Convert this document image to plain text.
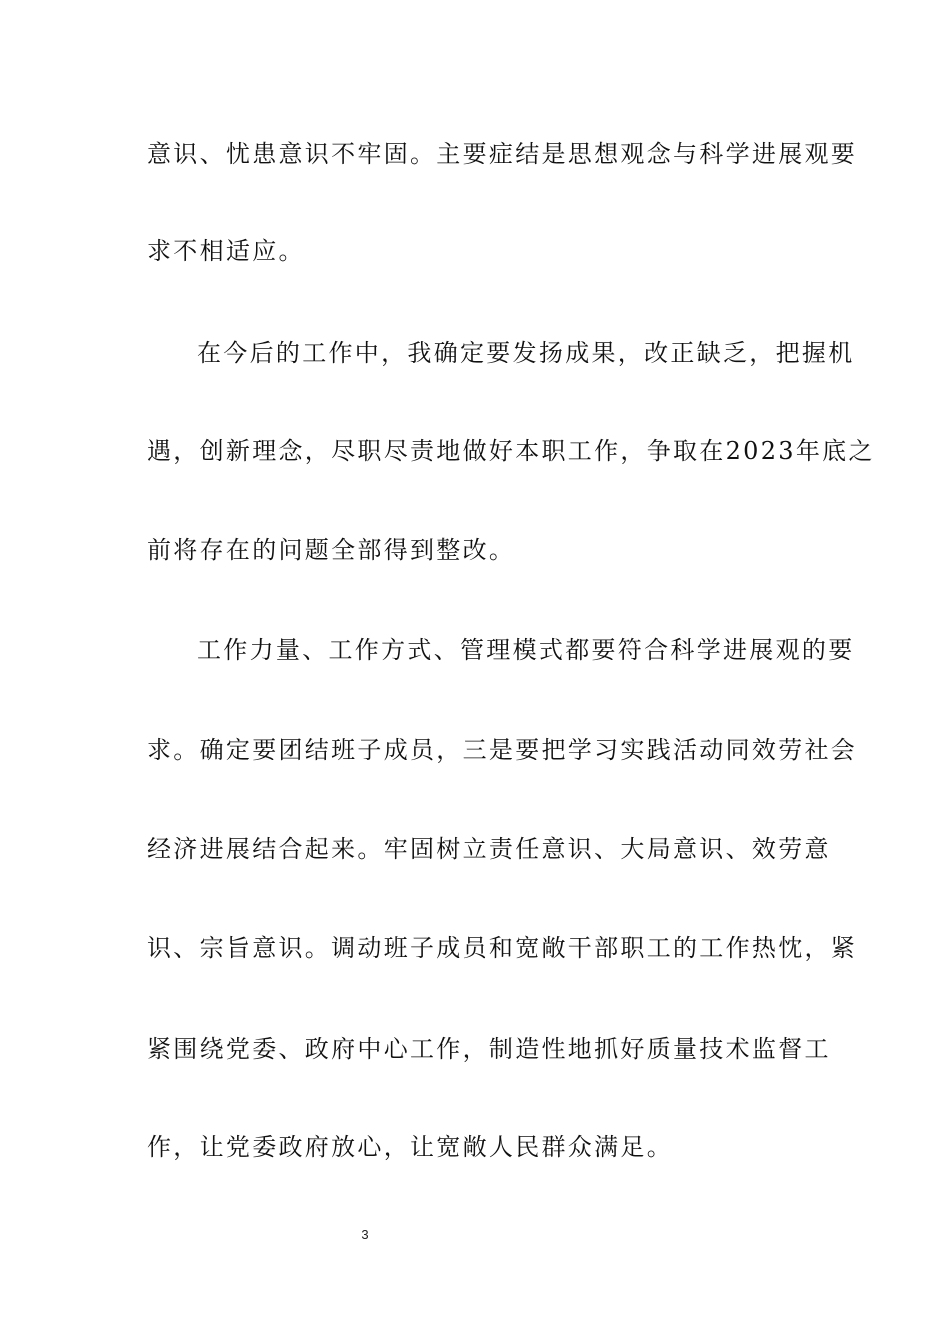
意识、忧患意识不牢固。主要症结是思想观念与科学进展观要
求不相适应。
在今后的工作中，我确定要发扬成果，改正缺乏，把握机
遇，创新理念，尽职尽责地做好本职工作，争取在2023年底之
前将存在的问题全部得到整改。
工作力量、工作方式、管理模式都要符合科学进展观的要
求。确定要团结班子成员，三是要把学习实践活动同效劳社会
经济进展结合起来。牢固树立责任意识、大局意识、效劳意
识、宗旨意识。调动班子成员和宽敞干部职工的工作热忱，紧
紧围绕党委、政府中心工作，制造性地抓好质量技术监督工
作，让党委政府放心，让宽敞人民群众满足。
3
